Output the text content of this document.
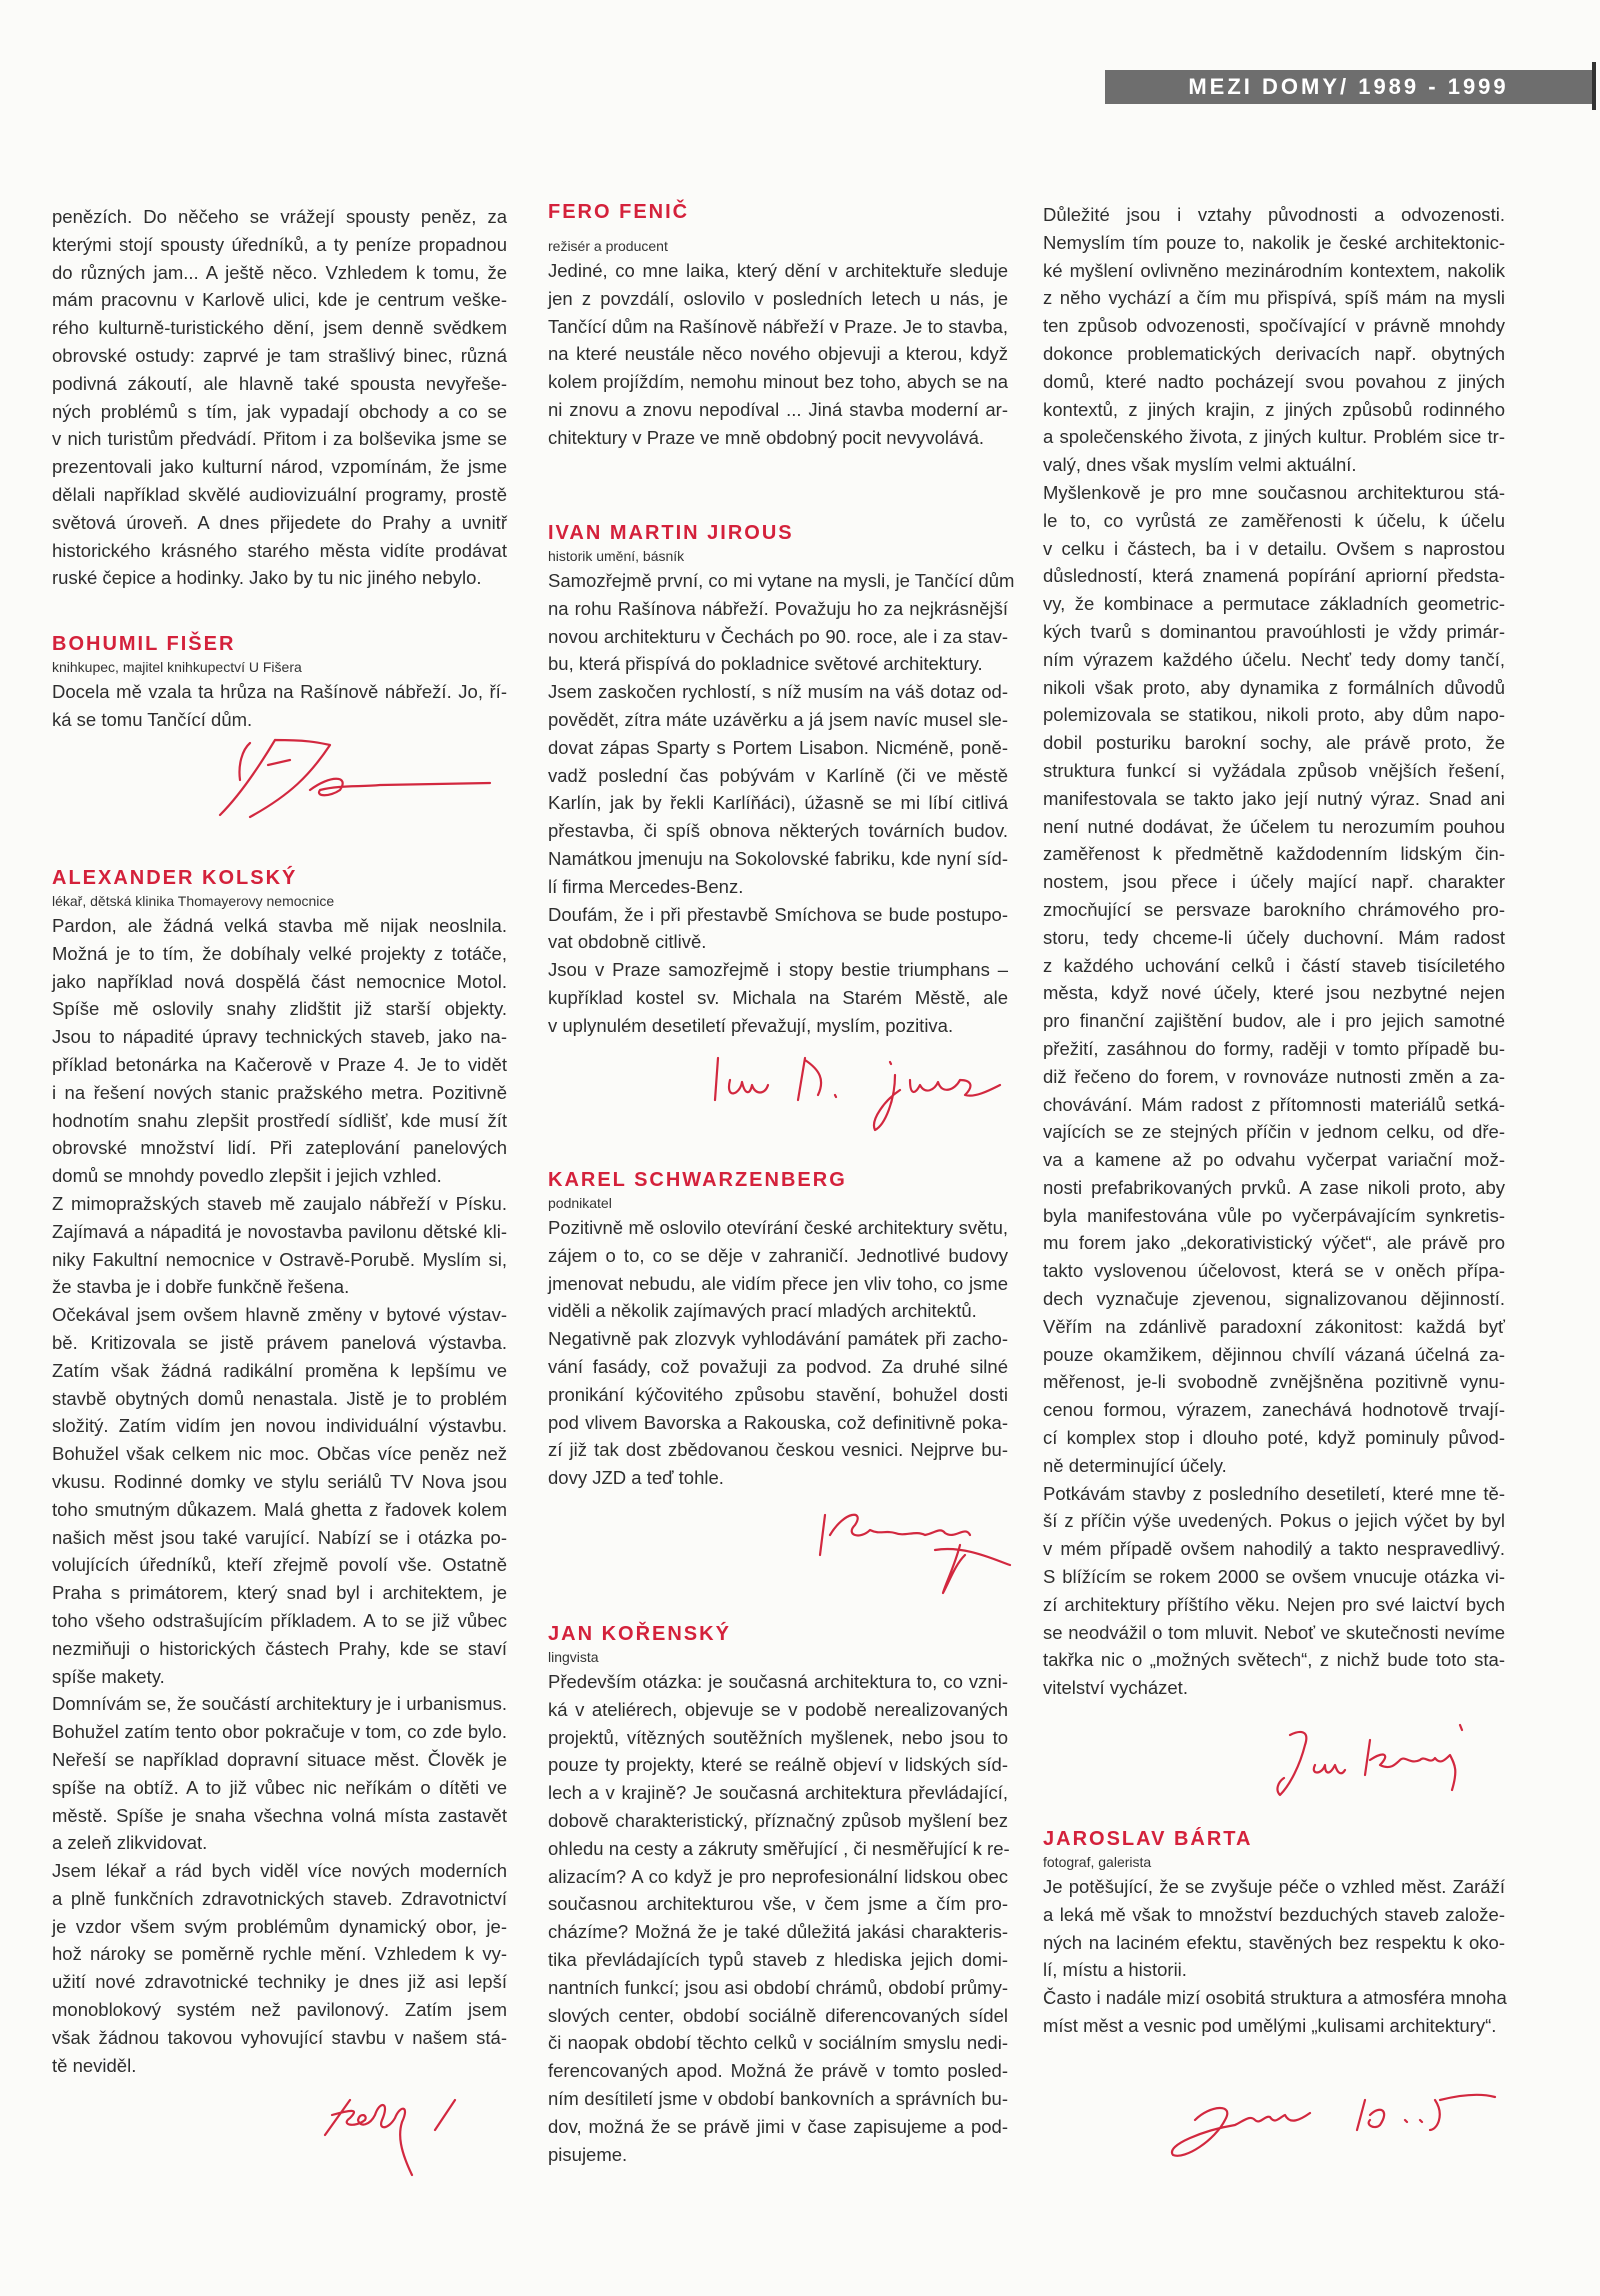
MEZI DOMY/ 1989 - 1999
penězích. Do něčeho se vrážejí spousty peněz, za
kterými stojí spousty úředníků, a ty peníze propadnou
do různých jam... A ještě něco. Vzhledem k tomu, že
mám pracovnu v Karlově ulici, kde je centrum veške-
rého kulturně-turistického dění, jsem denně svědkem
obrovské ostudy: zaprvé je tam strašlivý binec, různá
podivná zákoutí, ale hlavně také spousta nevyřeše-
ných problémů s tím, jak vypadají obchody a co se
v nich turistům předvádí. Přitom i za bolševika jsme se
prezentovali jako kulturní národ, vzpomínám, že jsme
dělali například skvělé audiovizuální programy, prostě
světová úroveň. A dnes přijedete do Prahy a uvnitř
historického krásného starého města vidíte prodávat
ruské čepice a hodinky. Jako by tu nic jiného nebylo.
BOHUMIL FIŠER
knihkupec, majitel knihkupectví U Fišera
Docela mě vzala ta hrůza na Rašínově nábřeží. Jo, ří-
ká se tomu Tančící dům.
ALEXANDER KOLSKÝ
lékař, dětská klinika Thomayerovy nemocnice
Pardon, ale žádná velká stavba mě nijak neoslnila.
Možná je to tím, že dobíhaly velké projekty z totáče,
jako například nová dospělá část nemocnice Motol.
Spíše mě oslovily snahy zlidštit již starší objekty.
Jsou to nápadité úpravy technických staveb, jako na-
příklad betonárka na Kačerově v Praze 4. Je to vidět
i na řešení nových stanic pražského metra. Pozitivně
hodnotím snahu zlepšit prostředí sídlišť, kde musí žít
obrovské množství lidí. Při zateplování panelových
domů se mnohdy povedlo zlepšit i jejich vzhled.
Z mimopražských staveb mě zaujalo nábřeží v Písku.
Zajímavá a nápaditá je novostavba pavilonu dětské kli-
niky Fakultní nemocnice v Ostravě-Porubě. Myslím si,
že stavba je i dobře funkčně řešena.
Očekával jsem ovšem hlavně změny v bytové výstav-
bě. Kritizovala se jistě právem panelová výstavba.
Zatím však žádná radikální proměna k lepšímu ve
stavbě obytných domů nenastala. Jistě je to problém
složitý. Zatím vidím jen novou individuální výstavbu.
Bohužel však celkem nic moc. Občas více peněz než
vkusu. Rodinné domky ve stylu seriálů TV Nova jsou
toho smutným důkazem. Malá ghetta z řadovek kolem
našich měst jsou také varující. Nabízí se i otázka po-
volujících úředníků, kteří zřejmě povolí vše. Ostatně
Praha s primátorem, který snad byl i architektem, je
toho všeho odstrašujícím příkladem. A to se již vůbec
nezmiňuji o historických částech Prahy, kde se staví
spíše makety.
Domnívám se, že součástí architektury je i urbanismus.
Bohužel zatím tento obor pokračuje v tom, co zde bylo.
Neřeší se například dopravní situace měst. Člověk je
spíše na obtíž. A to již vůbec nic neříkám o dítěti ve
městě. Spíše je snaha všechna volná místa zastavět
a zeleň zlikvidovat.
Jsem lékař a rád bych viděl více nových moderních
a plně funkčních zdravotnických staveb. Zdravotnictví
je vzdor všem svým problémům dynamický obor, je-
hož nároky se poměrně rychle mění. Vzhledem k vy-
užití nové zdravotnické techniky je dnes již asi lepší
monoblokový systém než pavilonový. Zatím jsem
však žádnou takovou vyhovující stavbu v našem stá-
tě neviděl.
FERO FENIČ
režisér a producent
Jediné, co mne laika, který dění v architektuře sleduje
jen z povzdálí, oslovilo v posledních letech u nás, je
Tančící dům na Rašínově nábřeží v Praze. Je to stavba,
na které neustále něco nového objevuji a kterou, když
kolem projíždím, nemohu minout bez toho, abych se na
ni znovu a znovu nepodíval ... Jiná stavba moderní ar-
chitektury v Praze ve mně obdobný pocit nevyvolává.
IVAN MARTIN JIROUS
historik umění, básník
Samozřejmě první, co mi vytane na mysli, je Tančící dům
na rohu Rašínova nábřeží. Považuju ho za nejkrásnější
novou architekturu v Čechách po 90. roce, ale i za stav-
bu, která přispívá do pokladnice světové architektury.
Jsem zaskočen rychlostí, s níž musím na váš dotaz od-
povědět, zítra máte uzávěrku a já jsem navíc musel sle-
dovat zápas Sparty s Portem Lisabon. Nicméně, poně-
vadž poslední čas pobývám v Karlíně (či ve městě
Karlín, jak by řekli Karlíňáci), úžasně se mi líbí citlivá
přestavba, či spíš obnova některých továrních budov.
Namátkou jmenuju na Sokolovské fabriku, kde nyní síd-
lí firma Mercedes-Benz.
Doufám, že i při přestavbě Smíchova se bude postupo-
vat obdobně citlivě.
Jsou v Praze samozřejmě i stopy bestie triumphans –
kupříklad kostel sv. Michala na Starém Městě, ale
v uplynulém desetiletí převažují, myslím, pozitiva.
KAREL SCHWARZENBERG
podnikatel
Pozitivně mě oslovilo otevírání české architektury světu,
zájem o to, co se děje v zahraničí. Jednotlivé budovy
jmenovat nebudu, ale vidím přece jen vliv toho, co jsme
viděli a několik zajímavých prací mladých architektů.
Negativně pak zlozvyk vyhlodávání památek při zacho-
vání fasády, což považuji za podvod. Za druhé silné
pronikání kýčovitého způsobu stavění, bohužel dosti
pod vlivem Bavorska a Rakouska, což definitivně poka-
zí již tak dost zbědovanou českou vesnici. Nejprve bu-
dovy JZD a teď tohle.
JAN KOŘENSKÝ
lingvista
Především otázka: je současná architektura to, co vzni-
ká v ateliérech, objevuje se v podobě nerealizovaných
projektů, vítězných soutěžních myšlenek, nebo jsou to
pouze ty projekty, které se reálně objeví v lidských síd-
lech a v krajině? Je současná architektura převládající,
dobově charakteristický, příznačný způsob myšlení bez
ohledu na cesty a zákruty směřující , či nesměřující k re-
alizacím? A co když je pro neprofesionální lidskou obec
současnou architekturou vše, v čem jsme a čím pro-
cházíme? Možná že je také důležitá jakási charakteris-
tika převládajících typů staveb z hlediska jejich domi-
nantních funkcí; jsou asi období chrámů, období průmy-
slových center, období sociálně diferencovaných sídel
či naopak období těchto celků v sociálním smyslu nedi-
ferencovaných apod. Možná že právě v tomto posled-
ním desítiletí jsme v období bankovních a správních bu-
dov, možná že se právě jimi v čase zapisujeme a pod-
pisujeme.
Důležité jsou i vztahy původnosti a odvozenosti.
Nemyslím tím pouze to, nakolik je české architektonic-
ké myšlení ovlivněno mezinárodním kontextem, nakolik
z něho vychází a čím mu přispívá, spíš mám na mysli
ten způsob odvozenosti, spočívající v právně mnohdy
dokonce problematických derivacích např. obytných
domů, které nadto pocházejí svou povahou z jiných
kontextů, z jiných krajin, z jiných způsobů rodinného
a společenského života, z jiných kultur. Problém sice tr-
valý, dnes však myslím velmi aktuální.
Myšlenkově je pro mne současnou architekturou stá-
le to, co vyrůstá ze zaměřenosti k účelu, k účelu
v celku i částech, ba i v detailu. Ovšem s naprostou
důsledností, která znamená popírání apriorní předsta-
vy, že kombinace a permutace základních geometric-
kých tvarů s dominantou pravoúhlosti je vždy primár-
ním výrazem každého účelu. Nechť tedy domy tančí,
nikoli však proto, aby dynamika z formálních důvodů
polemizovala se statikou, nikoli proto, aby dům napo-
dobil posturiku barokní sochy, ale právě proto, že
struktura funkcí si vyžádala způsob vnějších řešení,
manifestovala se takto jako její nutný výraz. Snad ani
není nutné dodávat, že účelem tu nerozumím pouhou
zaměřenost k předmětně každodenním lidským čin-
nostem, jsou přece i účely mající např. charakter
zmocňující se persvaze barokního chrámového pro-
storu, tedy chceme-li účely duchovní. Mám radost
z každého uchování celků i částí staveb tisíciletého
města, když nové účely, které jsou nezbytné nejen
pro finanční zajištění budov, ale i pro jejich samotné
přežití, zasáhnou do formy, raději v tomto případě bu-
diž řečeno do forem, v rovnováze nutnosti změn a za-
chovávání. Mám radost z přítomnosti materiálů setká-
vajících se ze stejných příčin v jednom celku, od dře-
va a kamene až po odvahu vyčerpat variační mož-
nosti prefabrikovaných prvků. A zase nikoli proto, aby
byla manifestována vůle po vyčerpávajícím synkretis-
mu forem jako „dekorativistický výčet“, ale právě pro
takto vyslovenou účelovost, která se v oněch přípa-
dech vyznačuje zjevenou, signalizovanou dějinností.
Věřím na zdánlivě paradoxní zákonitost: každá byť
pouze okamžikem, dějinnou chvílí vázaná účelná za-
měřenost, je-li svobodně zvnějšněna pozitivně vynu-
cenou formou, výrazem, zanechává hodnotově trvají-
cí komplex stop i dlouho poté, když pominuly původ-
ně determinující účely.
Potkávám stavby z posledního desetiletí, které mne tě-
ší z příčin výše uvedených. Pokus o jejich výčet by byl
v mém případě ovšem nahodilý a takto nespravedlivý.
S blížícím se rokem 2000 se ovšem vnucuje otázka vi-
zí architektury příštího věku. Nejen pro své laictví bych
se neodvážil o tom mluvit. Neboť ve skutečnosti nevíme
takřka nic o „možných světech“, z nichž bude toto sta-
vitelství vycházet.
JAROSLAV BÁRTA
fotograf, galerista
Je potěšující, že se zvyšuje péče o vzhled měst. Zaráží
a leká mě však to množství bezduchých staveb založe-
ných na laciném efektu, stavěných bez respektu k oko-
lí, místu a historii.
Často i nadále mizí osobitá struktura a atmosféra mnoha
míst měst a vesnic pod umělými „kulisami architektury“.
